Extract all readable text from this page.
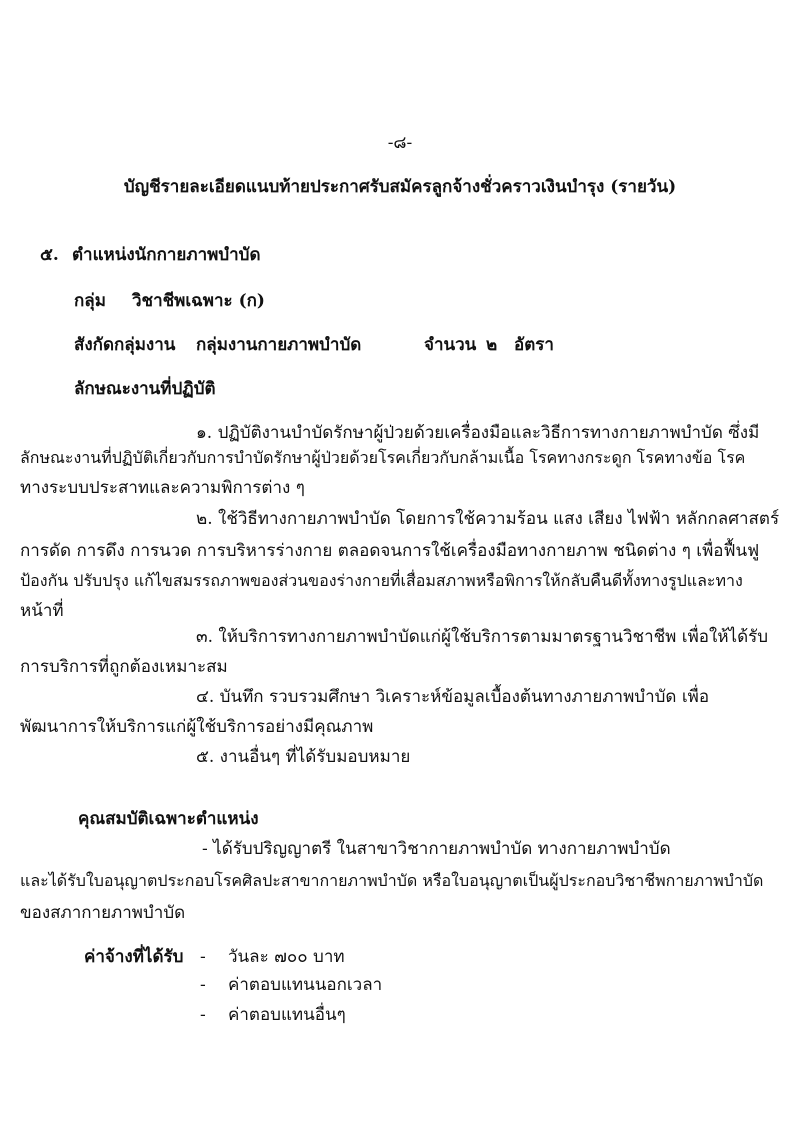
-๘-
บัญชีรายละเอียดแนบท้ายประกาศรับสมัครลูกจ้างชั่วคราวเงินบำรุง (รายวัน)
๕. ตำแหน่งนักกายภาพบำบัด
กลุ่ม วิชาชีพเฉพาะ (ก)
สังกัดกลุ่มงาน กลุ่มงานกายภาพบำบัด	จำนวน ๒ อัตรา
ลักษณะงานที่ปฏิบัติ
๑. ปฏิบัติงานบำบัดรักษาผู้ป่วยด้วยเครื่องมือและวิธีการทางกายภาพบำบัด ซึ่งมี
ลักษณะงานที่ปฏิบัติเกี่ยวกับการบำบัดรักษาผู้ป่วยด้วยโรคเกี่ยวกับกล้ามเนื้อ โรคทางกระดูก โรคทางข้อ โรค
ทางระบบประสาทและความพิการต่าง ๆ
๒. ใช้วิธีทางกายภาพบำบัด โดยการใช้ความร้อน แสง เสียง ไฟฟ้า หลักกลศาสตร์
การดัด การดึง การนวด การบริหารร่างกาย ตลอดจนการใช้เครื่องมือทางกายภาพ ชนิดต่าง ๆ เพื่อฟื้นฟู
ป้องกัน ปรับปรุง แก้ไขสมรรถภาพของส่วนของร่างกายที่เสื่อมสภาพหรือพิการให้กลับคืนดีทั้งทางรูปและทาง
หน้าที่
๓. ให้บริการทางกายภาพบำบัดแก่ผู้ใช้บริการตามมาตรฐานวิชาชีพ เพื่อให้ได้รับ
การบริการที่ถูกต้องเหมาะสม
๔. บันทึก รวบรวมศึกษา วิเคราะห์ข้อมูลเบื้องต้นทางภายภาพบำบัด เพื่อ
พัฒนาการให้บริการแก่ผู้ใช้บริการอย่างมีคุณภาพ
๕. งานอื่นๆ ที่ได้รับมอบหมาย
คุณสมบัติเฉพาะตำแหน่ง
- ได้รับปริญญาตรี ในสาขาวิชากายภาพบำบัด ทางกายภาพบำบัด
และได้รับใบอนุญาตประกอบโรคศิลปะสาขากายภาพบำบัด หรือใบอนุญาตเป็นผู้ประกอบวิชาชีพกายภาพบำบัด
ของสภากายภาพบำบัด
ค่าจ้างที่ได้รับ - วันละ ๗๐๐ บาท
- ค่าตอบแทนนอกเวลา
- ค่าตอบแทนอื่นๆ
